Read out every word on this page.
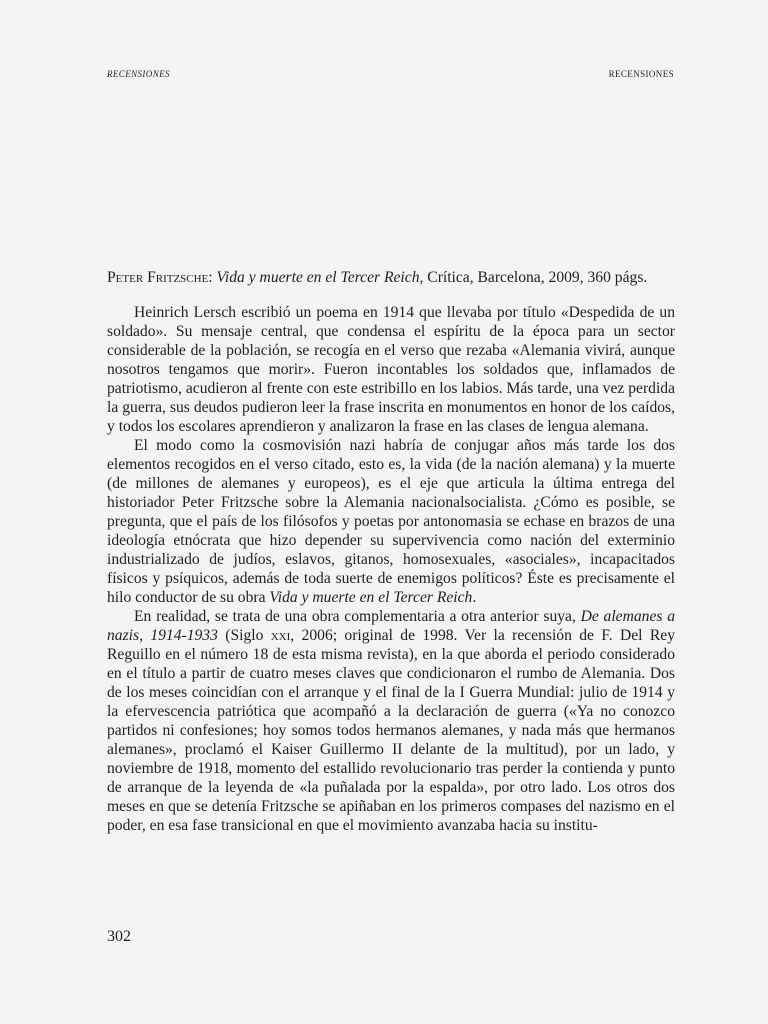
RECENSIONES	RECENSIONES

Peter Fritzsche: Vida y muerte en el Tercer Reich, Crítica, Barcelona, 2009, 360 págs.

Heinrich Lersch escribió un poema en 1914 que llevaba por título «Despedida de un soldado». Su mensaje central, que condensa el espíritu de la época para un sector considerable de la población, se recogía en el verso que rezaba «Alemania vivirá, aunque nosotros tengamos que morir». Fueron incontables los soldados que, inflamados de patriotismo, acudieron al frente con este estribillo en los labios. Más tarde, una vez perdida la guerra, sus deudos pudieron leer la frase inscrita en monumentos en honor de los caídos, y todos los escolares aprendieron y analizaron la frase en las clases de lengua alemana.

El modo como la cosmovisión nazi habría de conjugar años más tarde los dos elementos recogidos en el verso citado, esto es, la vida (de la nación alemana) y la muerte (de millones de alemanes y europeos), es el eje que articula la última entrega del historiador Peter Fritzsche sobre la Alemania nacionalsocialista. ¿Cómo es posible, se pregunta, que el país de los filósofos y poetas por antonomasia se echase en brazos de una ideología etnócrata que hizo depender su supervivencia como nación del exterminio industrializado de judíos, eslavos, gitanos, homosexuales, «asociales», incapacitados físicos y psíquicos, además de toda suerte de enemigos políticos? Éste es precisamente el hilo conductor de su obra Vida y muerte en el Tercer Reich.

En realidad, se trata de una obra complementaria a otra anterior suya, De alemanes a nazis, 1914-1933 (Siglo xxi, 2006; original de 1998. Ver la recensión de F. Del Rey Reguillo en el número 18 de esta misma revista), en la que aborda el periodo considerado en el título a partir de cuatro meses claves que condicionaron el rumbo de Alemania. Dos de los meses coincidían con el arranque y el final de la I Guerra Mundial: julio de 1914 y la efervescencia patriótica que acompañó a la declaración de guerra («Ya no conozco partidos ni confesiones; hoy somos todos hermanos alemanes, y nada más que hermanos alemanes», proclamó el Kaiser Guillermo II delante de la multitud), por un lado, y noviembre de 1918, momento del estallido revolucionario tras perder la contienda y punto de arranque de la leyenda de «la puñalada por la espalda», por otro lado. Los otros dos meses en que se detenía Fritzsche se apiñaban en los primeros compases del nazismo en el poder, en esa fase transicional en que el movimiento avanzaba hacia su institu-

302
